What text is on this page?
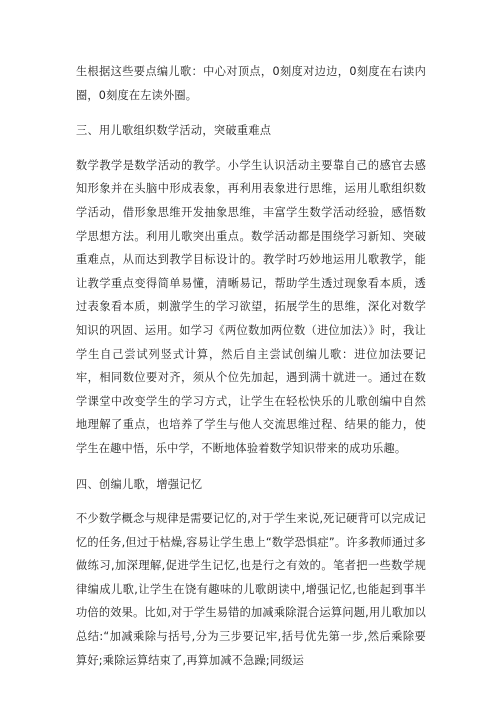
生根据这些要点编儿歌：中心对顶点，0刻度对边边，0刻度在右读内圈，0刻度在左读外圈。

三、用儿歌组织数学活动，突破重难点

数学教学是数学活动的教学。小学生认识活动主要靠自己的感官去感知形象并在头脑中形成表象，再利用表象进行思维，运用儿歌组织数学活动，借形象思维开发抽象思维，丰富学生数学活动经验，感悟数学思想方法。利用儿歌突出重点。数学活动都是围绕学习新知、突破重难点，从而达到教学目标设计的。教学时巧妙地运用儿歌教学，能让教学重点变得简单易懂，清晰易记，帮助学生透过现象看本质，透过表象看本质，刺激学生的学习欲望，拓展学生的思维，深化对数学知识的巩固、运用。如学习《两位数加两位数（进位加法）》时，我让学生自己尝试列竖式计算，然后自主尝试创编儿歌：进位加法要记牢，相同数位要对齐，须从个位先加起，遇到满十就进一。通过在数学课堂中改变学生的学习方式，让学生在轻松快乐的儿歌创编中自然地理解了重点，也培养了学生与他人交流思维过程、结果的能力，使学生在趣中悟，乐中学，不断地体验着数学知识带来的成功乐趣。

四、创编儿歌，增强记忆

不少数学概念与规律是需要记忆的,对于学生来说,死记硬背可以完成记忆的任务,但过于枯燥,容易让学生患上“数学恐惧症”。许多教师通过多做练习,加深理解,促进学生记忆,也是行之有效的。笔者把一些数学规律编成儿歌,让学生在饶有趣味的儿歌朗读中,增强记忆,也能起到事半功倍的效果。比如,对于学生易错的加减乘除混合运算问题,用儿歌加以总结:“加减乘除与括号,分为三步要记牢,括号优先第一步,然后乘除要算好;乘除运算结束了,再算加减不急躁;同级运
